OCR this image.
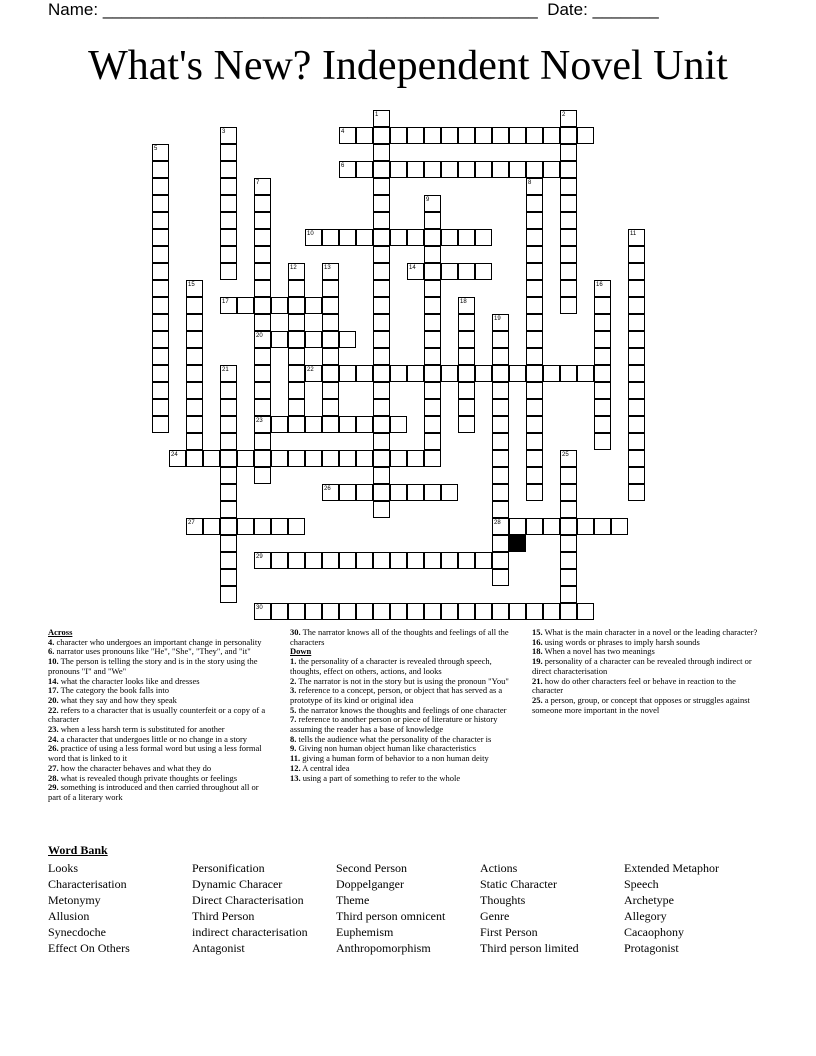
Name: ______________________________________________ Date: _______
What's New? Independent Novel Unit
1	2
3	4
5
6
7
20
23
8
9
10	11
12	13	14
15	16
17	18
19
28
21	22
24	25
26
27
29
30
Across
4. character who undergoes an important change in personality
6. narrator uses pronouns like "He", "She", "They", and "it"
10. The person is telling the story and is in the story using the pronouns "I" and "We"
14. what the character looks like and dresses
17. The category the book falls into
20. what they say and how they speak
22. refers to a character that is usually counterfeit or a copy of a character
23. when a less harsh term is substituted for another
24. a character that undergoes little or no change in a story
26. practice of using a less formal word but using a less formal word that is linked to it
27. how the character behaves and what they do
28. what is revealed though private thoughts or feelings
29. something is introduced and then carried throughout all or part of a literary work
30. The narrator knows all of the thoughts and feelings of all the characters
Down
1. the personality of a character is revealed through speech, thoughts, effect on others, actions, and looks
2. The narrator is not in the story but is using the pronoun "You"
3. reference to a concept, person, or object that has served as a prototype of its kind or original idea
5. the narrator knows the thoughts and feelings of one character
7. reference to another person or piece of literature or history assuming the reader has a base of knowledge
8. tells the audience what the personality of the character is
9. Giving non human object human like characteristics
11. giving a human form of behavior to a non human deity
12. A central idea
13. using a part of something to refer to the whole
15. What is the main character in a novel or the leading character?
16. using words or phrases to imply harsh sounds
18. When a novel has two meanings
19. personality of a character can be revealed through indirect or direct characterisation
21. how do other characters feel or behave in reaction to the character
25. a person, group, or concept that opposes or struggles against someone more important in the novel
Word Bank
Looks
Characterisation
Metonymy
Allusion
Synecdoche
Effect On Others
Personification
Dynamic Characer
Direct Characterisation
Third Person
indirect characterisation
Antagonist
Second Person
Doppelganger
Theme
Third person omnicent
Euphemism
Anthropomorphism
Actions
Static Character
Thoughts
Genre
First Person
Third person limited
Extended Metaphor
Speech
Archetype
Allegory
Cacaophony
Protagonist
